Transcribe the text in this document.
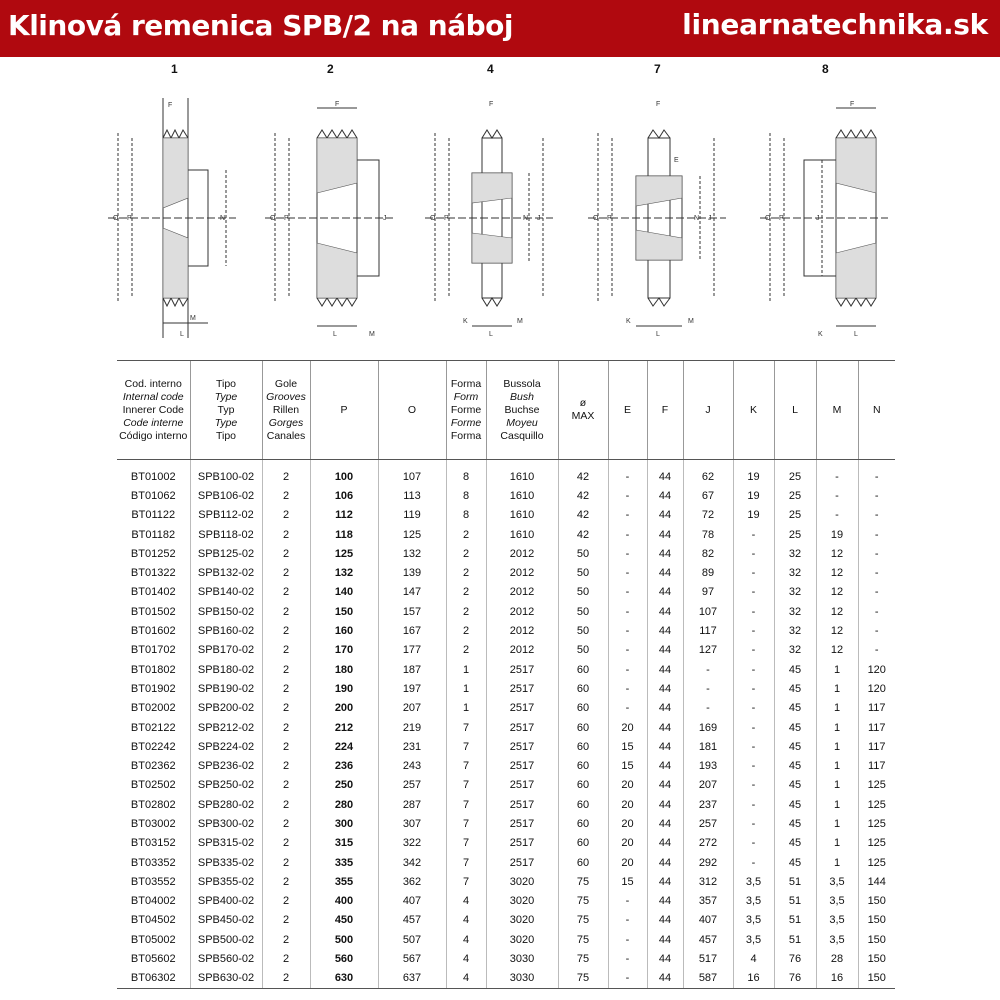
Klinová remenica SPB/2 na náboj	linearnatechnika.sk
1
F
O P	N
L
M
2
F
O P	J
L	M
4
F
O P	N J
K
L
M
7
F
E
O P	N J
K
L
M
8
F
O P	J
K	L
Cod. interno
Internal code
Innerer Code
Code interne
Código interno	Tipo
Type
Typ
Type
Tipo	Gole
Grooves
Rillen
Gorges
Canales	P	O	Forma
Form
Forme
Forme
Forma	Bussola
Bush
Buchse
Moyeu
Casquillo	ø
MAX	E	F	J	K	L	M	N

BT01002	SPB100-02	2	100	107	8	1610	42	-	44	62	19	25	-	-
BT01062	SPB106-02	2	106	113	8	1610	42	-	44	67	19	25	-	-
BT01122	SPB112-02	2	112	119	8	1610	42	-	44	72	19	25	-	-
BT01182	SPB118-02	2	118	125	2	1610	42	-	44	78	-	25	19	-
BT01252	SPB125-02	2	125	132	2	2012	50	-	44	82	-	32	12	-
BT01322	SPB132-02	2	132	139	2	2012	50	-	44	89	-	32	12	-
BT01402	SPB140-02	2	140	147	2	2012	50	-	44	97	-	32	12	-
BT01502	SPB150-02	2	150	157	2	2012	50	-	44	107	-	32	12	-
BT01602	SPB160-02	2	160	167	2	2012	50	-	44	117	-	32	12	-
BT01702	SPB170-02	2	170	177	2	2012	50	-	44	127	-	32	12	-
BT01802	SPB180-02	2	180	187	1	2517	60	-	44	-	-	45	1	120
BT01902	SPB190-02	2	190	197	1	2517	60	-	44	-	-	45	1	120
BT02002	SPB200-02	2	200	207	1	2517	60	-	44	-	-	45	1	117
BT02122	SPB212-02	2	212	219	7	2517	60	20	44	169	-	45	1	117
BT02242	SPB224-02	2	224	231	7	2517	60	15	44	181	-	45	1	117
BT02362	SPB236-02	2	236	243	7	2517	60	15	44	193	-	45	1	117
BT02502	SPB250-02	2	250	257	7	2517	60	20	44	207	-	45	1	125
BT02802	SPB280-02	2	280	287	7	2517	60	20	44	237	-	45	1	125
BT03002	SPB300-02	2	300	307	7	2517	60	20	44	257	-	45	1	125
BT03152	SPB315-02	2	315	322	7	2517	60	20	44	272	-	45	1	125
BT03352	SPB335-02	2	335	342	7	2517	60	20	44	292	-	45	1	125
BT03552	SPB355-02	2	355	362	7	3020	75	15	44	312	3,5	51	3,5	144
BT04002	SPB400-02	2	400	407	4	3020	75	-	44	357	3,5	51	3,5	150
BT04502	SPB450-02	2	450	457	4	3020	75	-	44	407	3,5	51	3,5	150
BT05002	SPB500-02	2	500	507	4	3020	75	-	44	457	3,5	51	3,5	150
BT05602	SPB560-02	2	560	567	4	3030	75	-	44	517	4	76	28	150
BT06302	SPB630-02	2	630	637	4	3030	75	-	44	587	16	76	16	150
